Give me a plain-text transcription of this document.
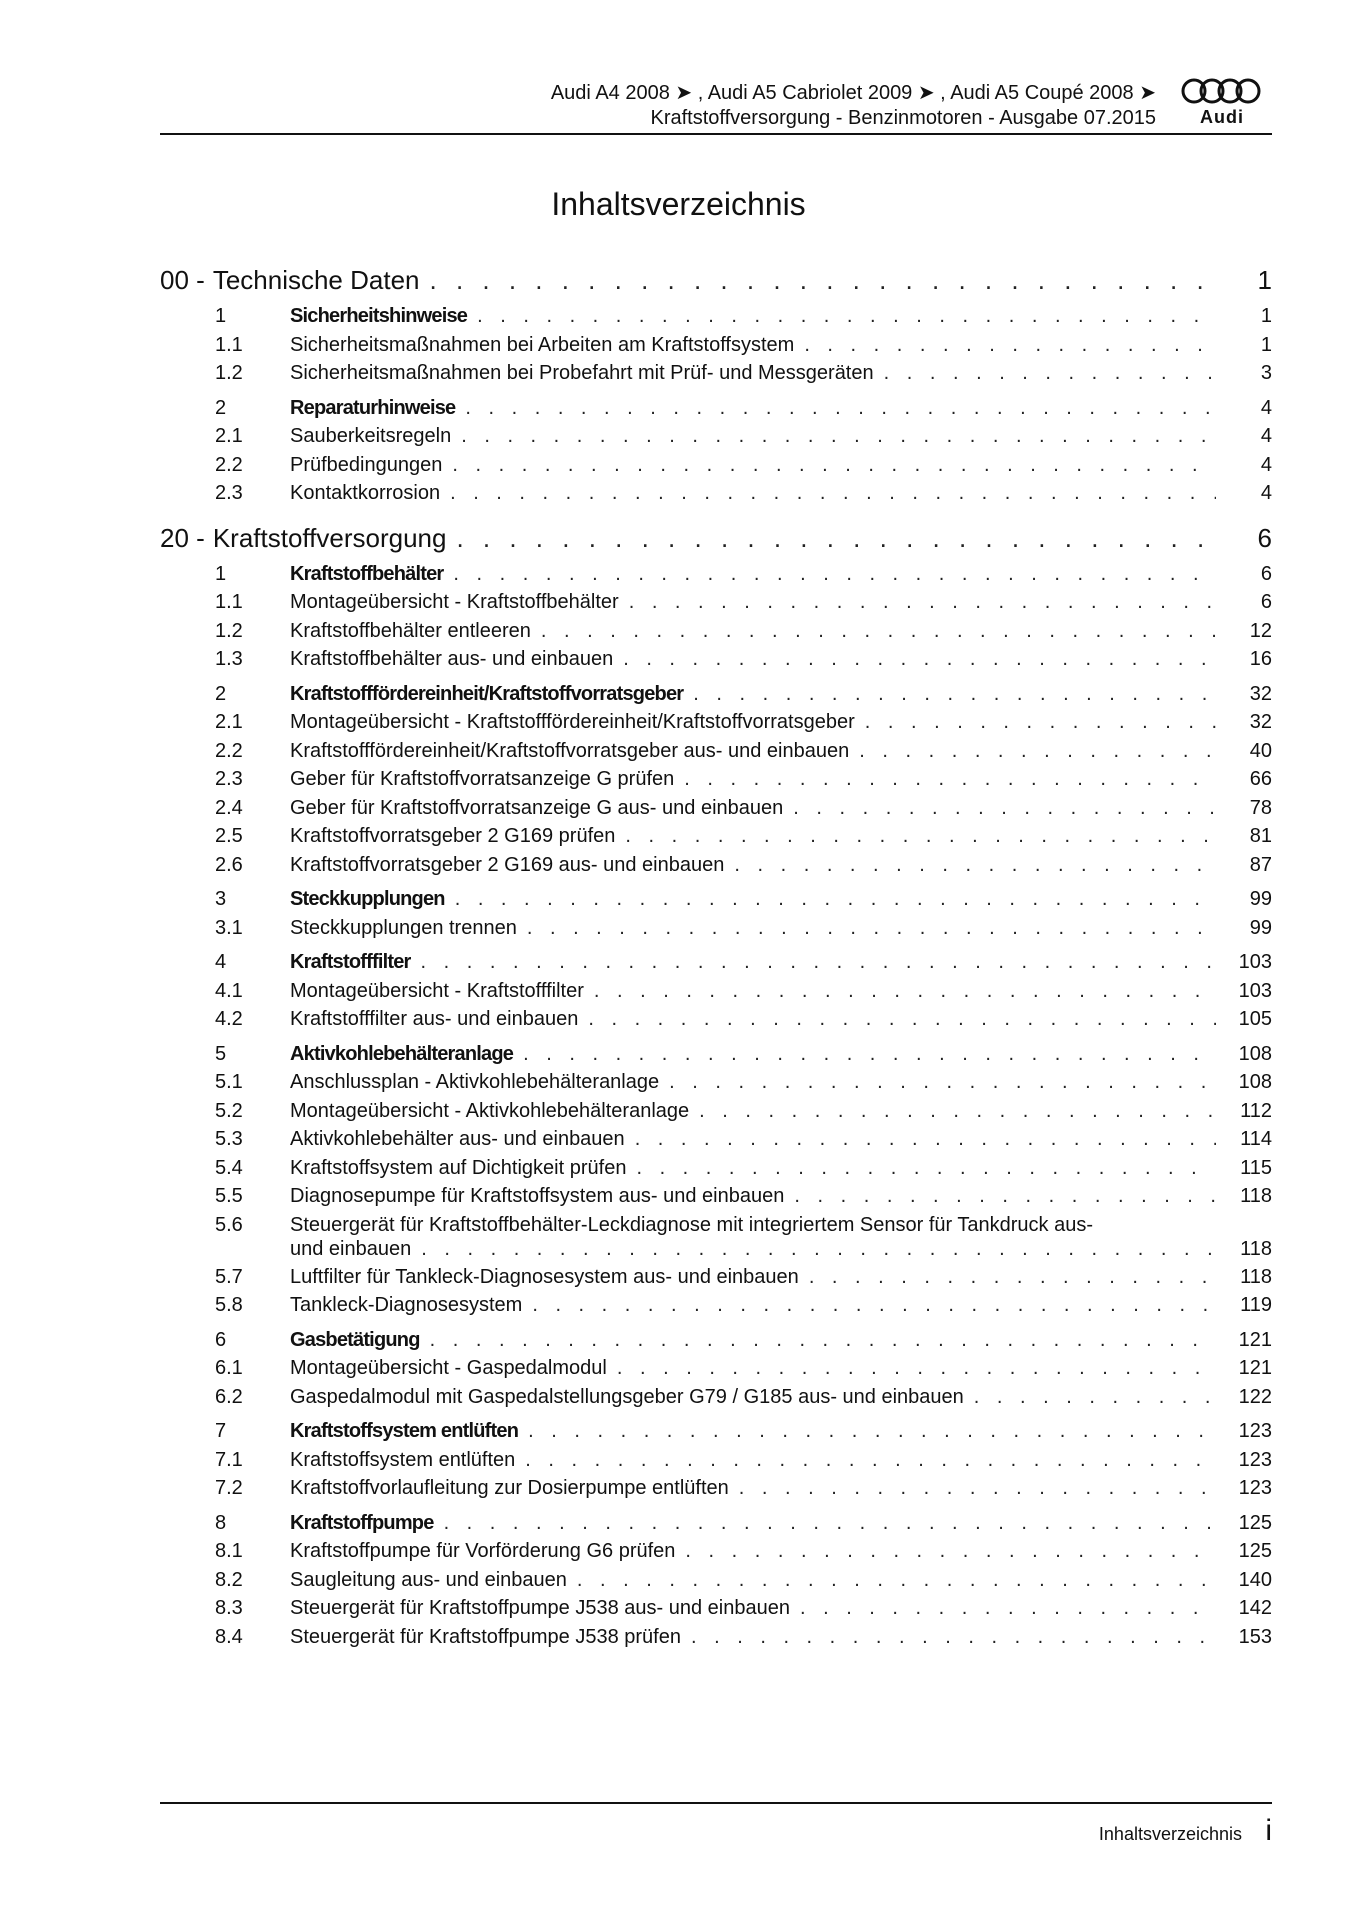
Audi A4 2008 ➤ , Audi A5 Cabriolet 2009 ➤ , Audi A5 Coupé 2008 ➤
Kraftstoffversorgung - Benzinmotoren - Ausgabe 07.2015	Audi
Inhaltsverzeichnis
00 - Technische Daten . . .	1
1	Sicherheitshinweise . . .	1
1.1	Sicherheitsmaßnahmen bei Arbeiten am Kraftstoffsystem . . .	1
1.2	Sicherheitsmaßnahmen bei Probefahrt mit Prüf- und Messgeräten . . .	3
2	Reparaturhinweise . . .	4
2.1	Sauberkeitsregeln . . .	4
2.2	Prüfbedingungen . . .	4
2.3	Kontaktkorrosion . . .	4
20 - Kraftstoffversorgung . . .	6
1	Kraftstoffbehälter . . .	6
1.1	Montageübersicht - Kraftstoffbehälter . . .	6
1.2	Kraftstoffbehälter entleeren . . .	12
1.3	Kraftstoffbehälter aus- und einbauen . . .	16
2	Kraftstofffördereinheit/Kraftstoffvorratsgeber . . .	32
2.1	Montageübersicht - Kraftstofffördereinheit/Kraftstoffvorratsgeber . . .	32
2.2	Kraftstofffördereinheit/Kraftstoffvorratsgeber aus- und einbauen . . .	40
2.3	Geber für Kraftstoffvorratsanzeige G prüfen . . .	66
2.4	Geber für Kraftstoffvorratsanzeige G aus- und einbauen . . .	78
2.5	Kraftstoffvorratsgeber 2 G169 prüfen . . .	81
2.6	Kraftstoffvorratsgeber 2 G169 aus- und einbauen . . .	87
3	Steckkupplungen . . .	99
3.1	Steckkupplungen trennen . . .	99
4	Kraftstofffilter . . .	103
4.1	Montageübersicht - Kraftstofffilter . . .	103
4.2	Kraftstofffilter aus- und einbauen . . .	105
5	Aktivkohlebehälteranlage . . .	108
5.1	Anschlussplan - Aktivkohlebehälteranlage . . .	108
5.2	Montageübersicht - Aktivkohlebehälteranlage . . .	112
5.3	Aktivkohlebehälter aus- und einbauen . . .	114
5.4	Kraftstoffsystem auf Dichtigkeit prüfen . . .	115
5.5	Diagnosepumpe für Kraftstoffsystem aus- und einbauen . . .	118
5.6	Steuergerät für Kraftstoffbehälter-Leckdiagnose mit integriertem Sensor für Tankdruck aus-
und einbauen . . .	118
5.7	Luftfilter für Tankleck-Diagnosesystem aus- und einbauen . . .	118
5.8	Tankleck-Diagnosesystem . . .	119
6	Gasbetätigung . . .	121
6.1	Montageübersicht - Gaspedalmodul . . .	121
6.2	Gaspedalmodul mit Gaspedalstellungsgeber G79 / G185 aus- und einbauen . . .	122
7	Kraftstoffsystem entlüften . . .	123
7.1	Kraftstoffsystem entlüften . . .	123
7.2	Kraftstoffvorlaufleitung zur Dosierpumpe entlüften . . .	123
8	Kraftstoffpumpe . . .	125
8.1	Kraftstoffpumpe für Vorförderung G6 prüfen . . .	125
8.2	Saugleitung aus- und einbauen . . .	140
8.3	Steuergerät für Kraftstoffpumpe J538 aus- und einbauen . . .	142
8.4	Steuergerät für Kraftstoffpumpe J538 prüfen . . .	153
Inhaltsverzeichnis i
